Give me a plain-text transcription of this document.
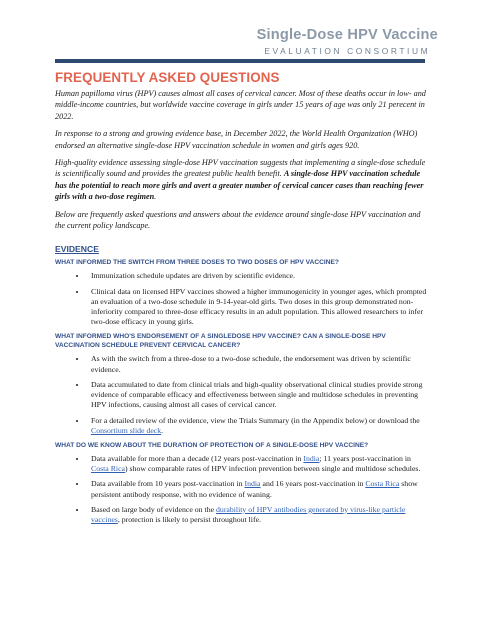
Single-Dose HPV Vaccine
EVALUATION CONSORTIUM
FREQUENTLY ASKED QUESTIONS

Human papilloma virus (HPV) causes almost all cases of cervical cancer. Most of these deaths occur in low- and middle-income countries, but worldwide vaccine coverage in girls under 15 years of age was only 21 perecent in 2022.

In response to a strong and growing evidence base, in December 2022, the World Health Organization (WHO) endorsed an alternative single-dose HPV vaccination schedule in women and girls ages 920.

High-quality evidence assessing single-dose HPV vaccination suggests that implementing a single-dose schedule is scientifically sound and provides the greatest public health benefit. A single-dose HPV vaccination schedule has the potential to reach more girls and avert a greater number of cervical cancer cases than reaching fewer girls with a two-dose regimen.

Below are frequently asked questions and answers about the evidence around single-dose HPV vaccination and the current policy landscape.

EVIDENCE
WHAT INFORMED THE SWITCH FROM THREE DOSES TO TWO DOSES OF HPV VACCINE?
• Immunization schedule updates are driven by scientific evidence.
• Clinical data on licensed HPV vaccines showed a higher immunogenicity in younger ages, which prompted an evaluation of a two-dose schedule in 9-14-year-old girls. Two doses in this group demonstrated non-inferiority compared to three-dose efficacy results in an adult population. This allowed researchers to infer two-dose efficacy in young girls.
WHAT INFORMED WHO'S ENDORSEMENT OF A SINGLEDOSE HPV VACCINE? CAN A SINGLE-DOSE HPV VACCINATION SCHEDULE PREVENT CERVICAL CANCER?
• As with the switch from a three-dose to a two-dose schedule, the endorsement was driven by scientific evidence.
• Data accumulated to date from clinical trials and high-quality observational clinical studies provide strong evidence of comparable efficacy and effectiveness between single and multidose schedules in preventing HPV infections, causing almost all cases of cervical cancer.
• For a detailed review of the evidence, view the Trials Summary (in the Appendix below) or download the Consortium slide deck.
WHAT DO WE KNOW ABOUT THE DURATION OF PROTECTION OF A SINGLE-DOSE HPV VACCINE?
• Data available for more than a decade (12 years post-vaccination in India; 11 years post-vaccination in Costa Rica) show comparable rates of HPV infection prevention between single and multidose schedules.
• Data available from 10 years post-vaccination in India and 16 years post-vaccination in Costa Rica show persistent antibody response, with no evidence of waning.
• Based on large body of evidence on the durability of HPV antibodies generated by virus-like particle vaccines, protection is likely to persist throughout life.
